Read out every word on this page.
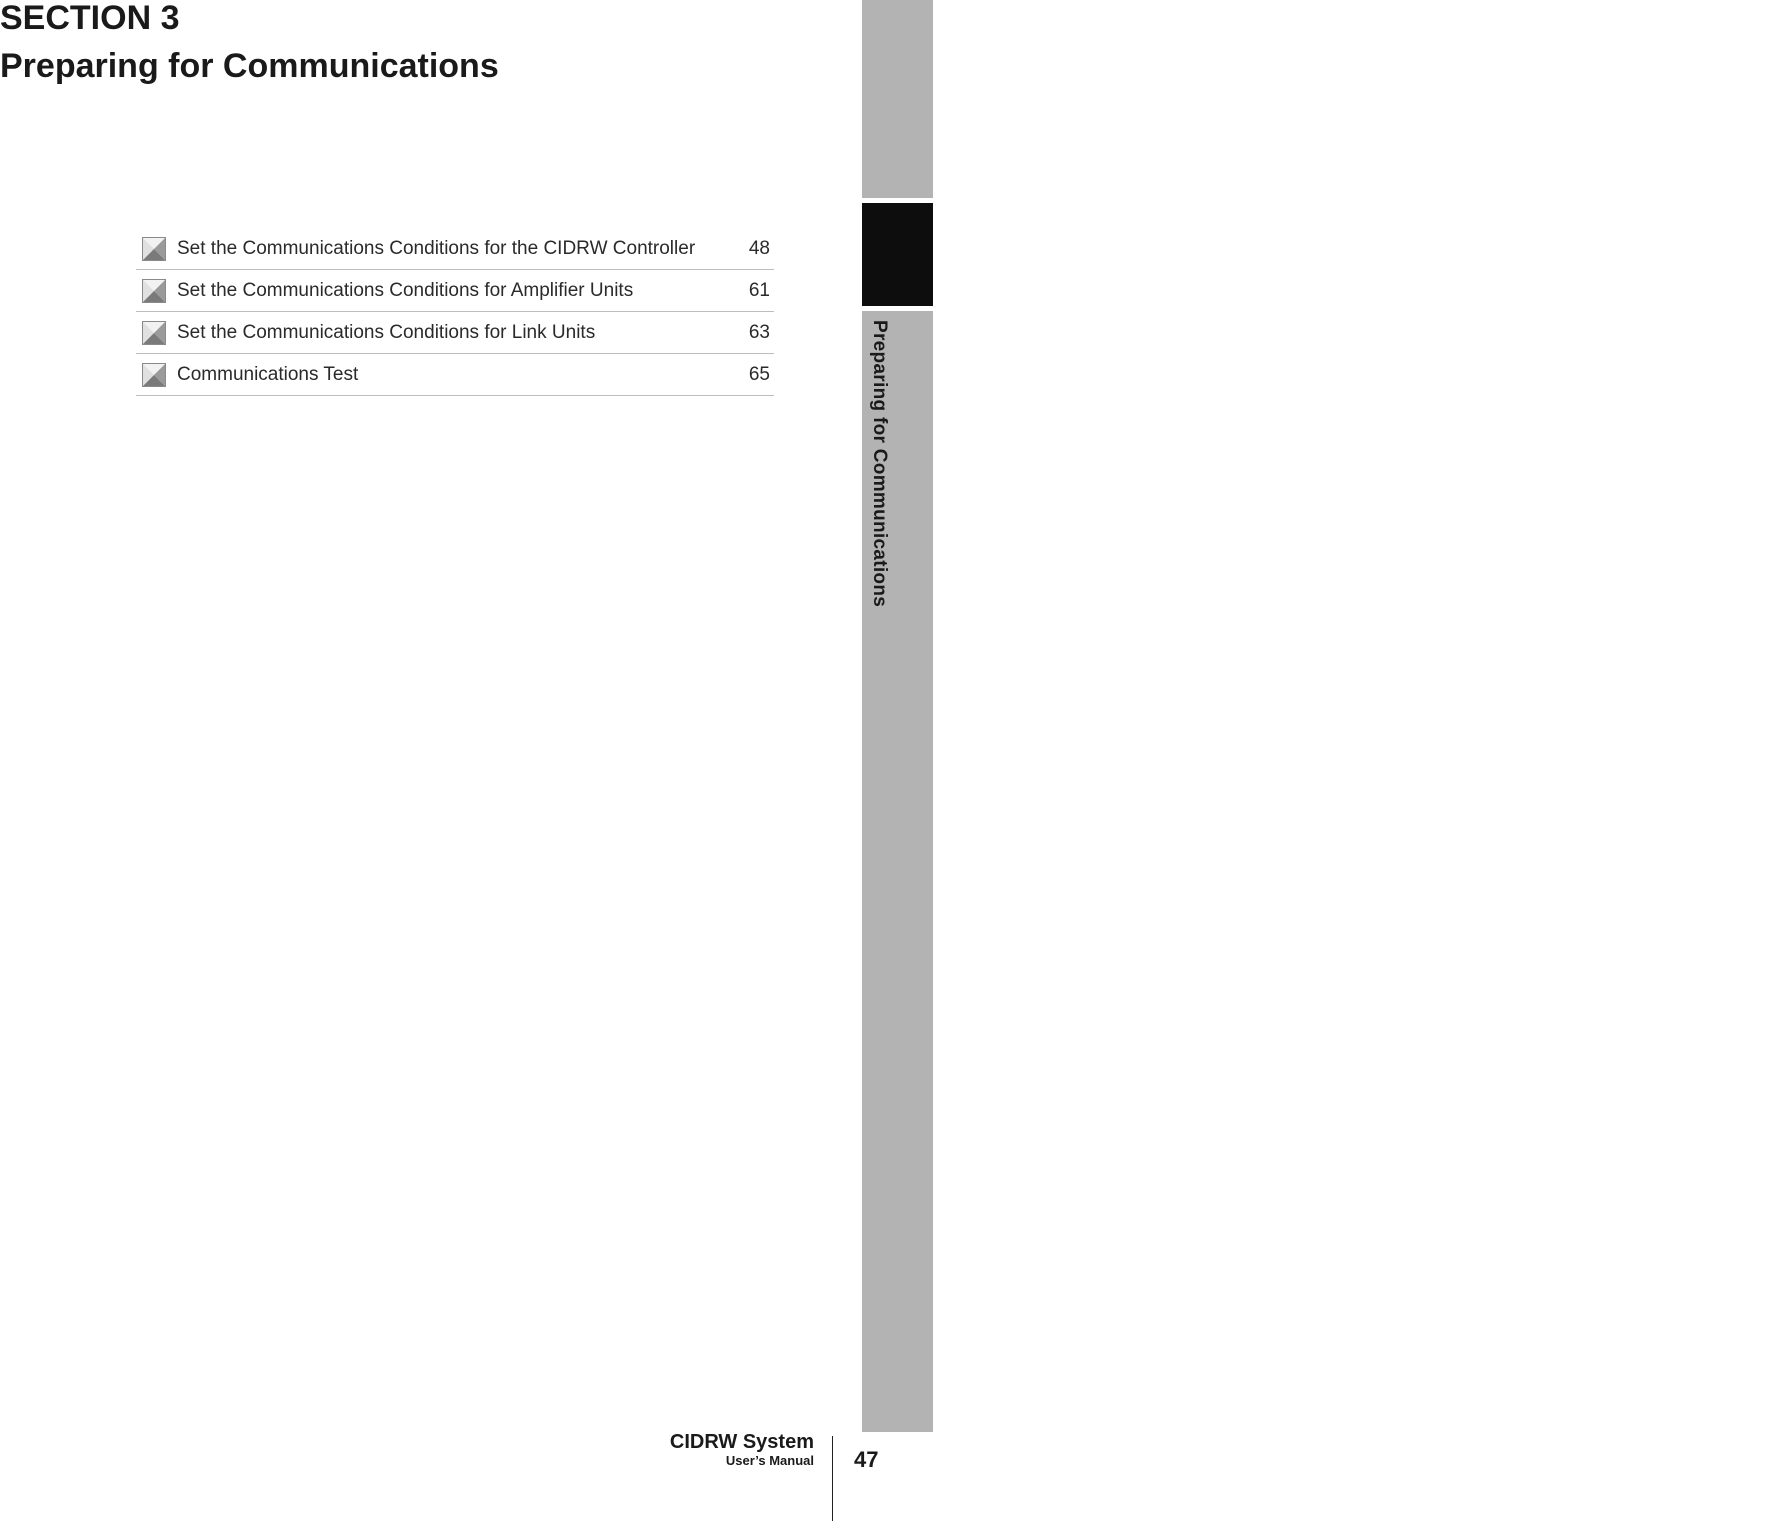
SECTION 3
Preparing for Communications
Set the Communications Conditions for the CIDRW Controller	48
Set the Communications Conditions for Amplifier Units	61
Set the Communications Conditions for Link Units	63
Communications Test	65
SECTION 3
Preparing for Communications
CIDRW System
User’s Manual 47
